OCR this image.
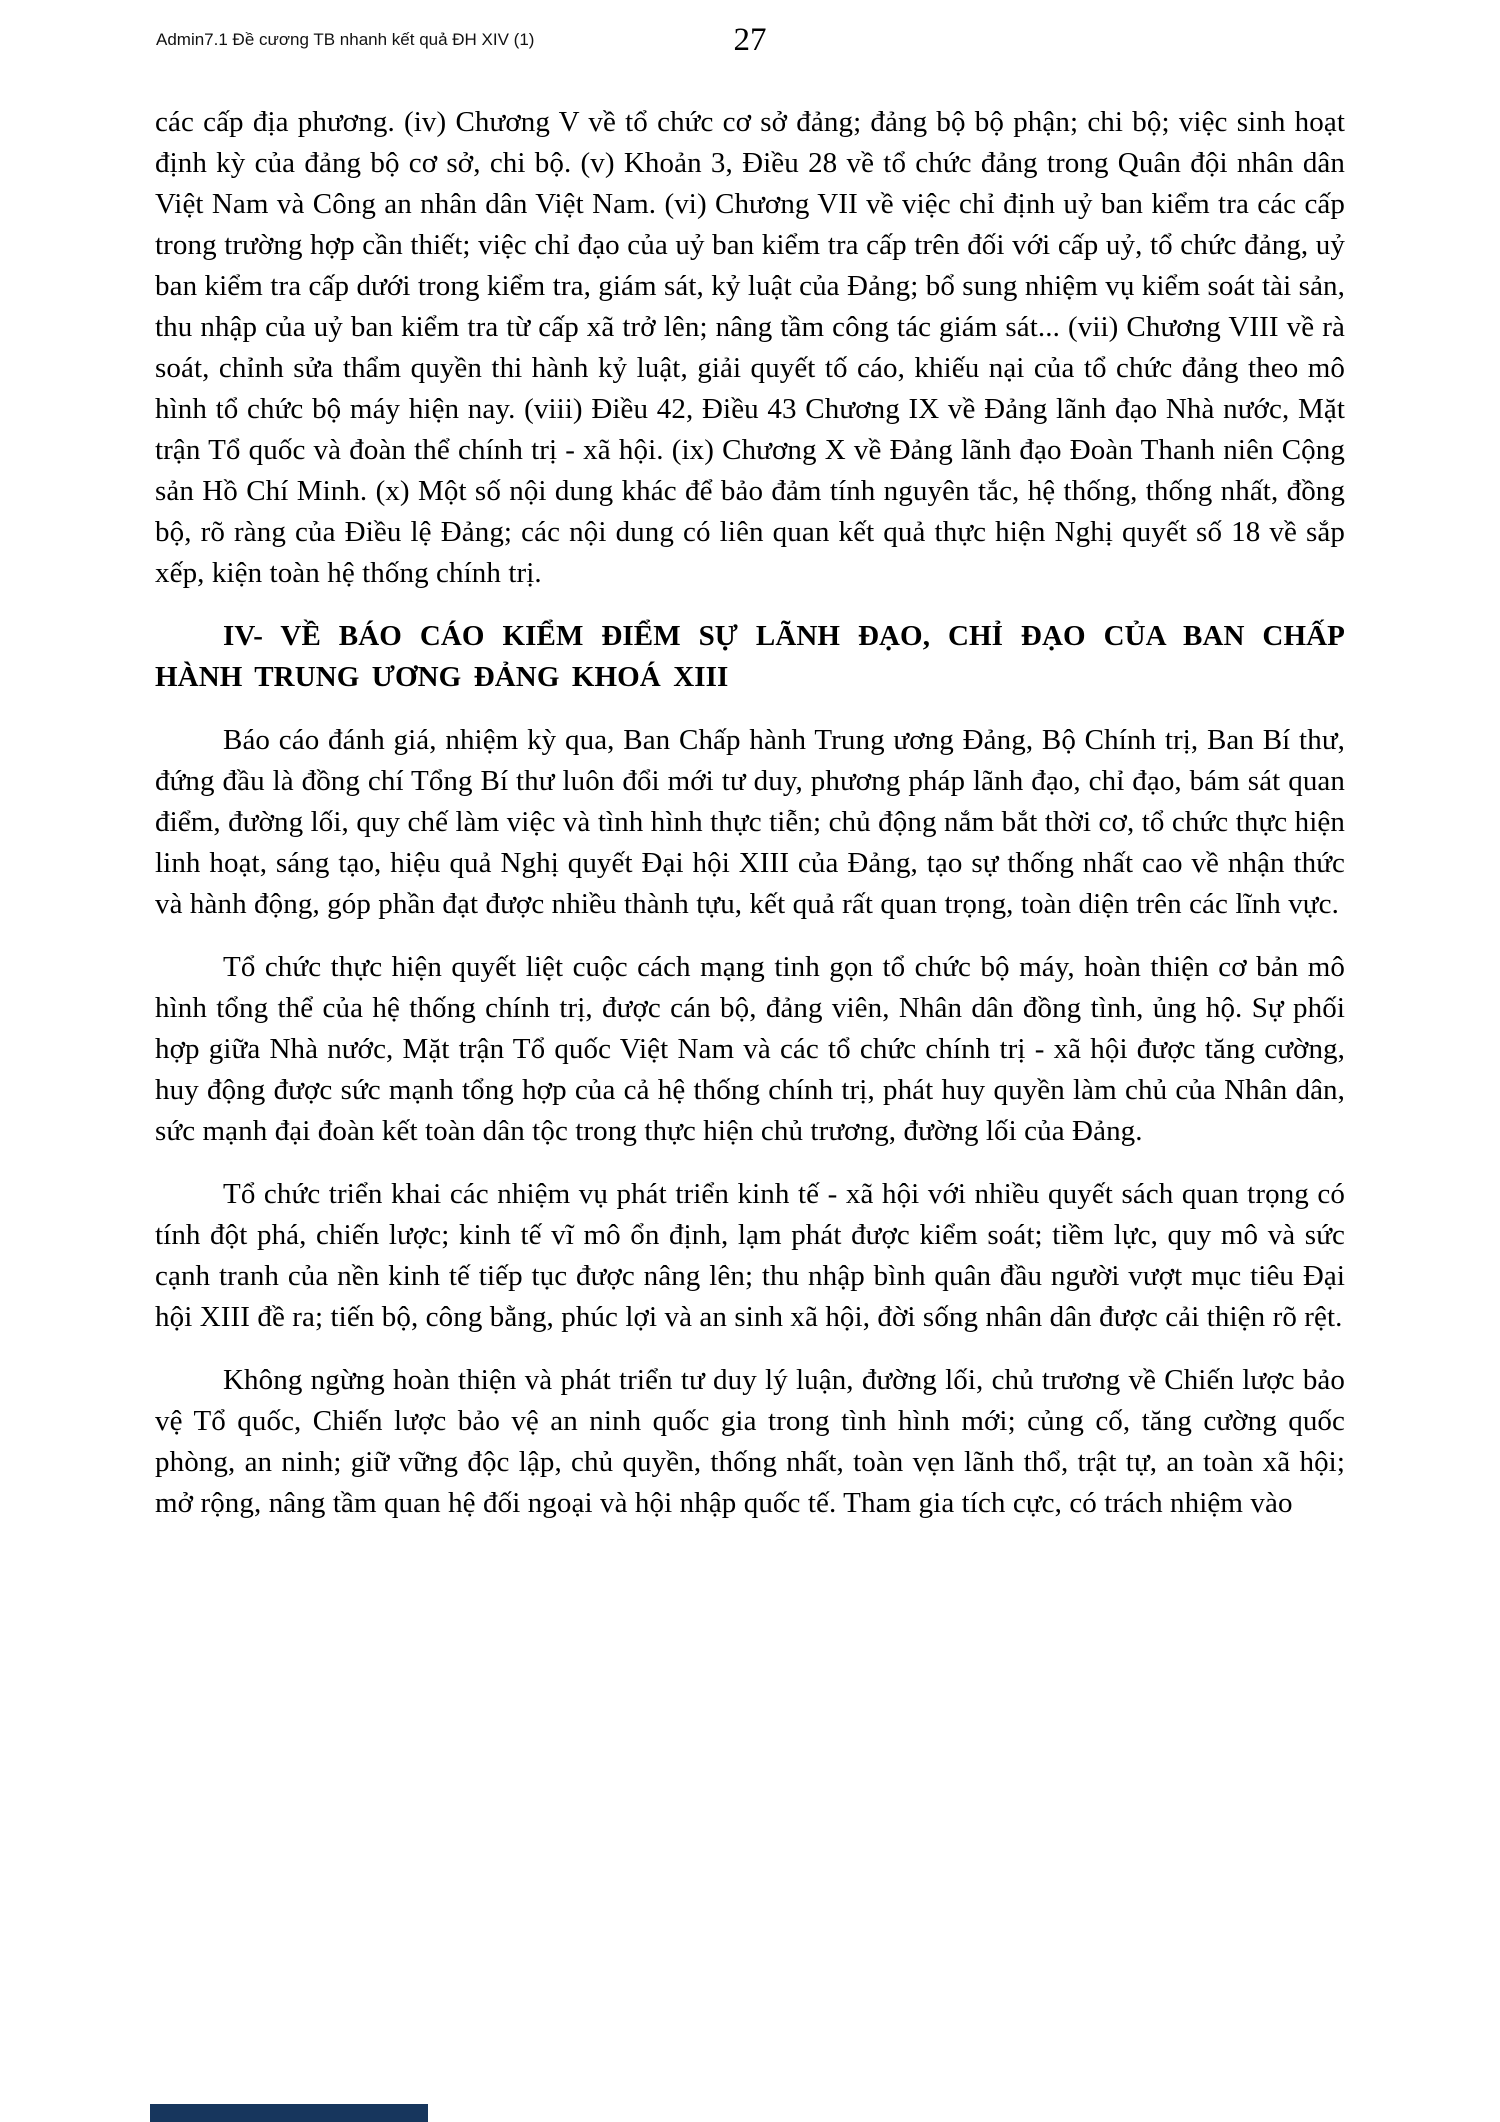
Admin7.1 Đề cương TB nhanh kết quả ĐH XIV (1)	27

các cấp địa phương. (iv) Chương V về tổ chức cơ sở đảng; đảng bộ bộ phận; chi bộ; việc sinh hoạt định kỳ của đảng bộ cơ sở, chi bộ. (v) Khoản 3, Điều 28 về tổ chức đảng trong Quân đội nhân dân Việt Nam và Công an nhân dân Việt Nam. (vi) Chương VII về việc chỉ định uỷ ban kiểm tra các cấp trong trường hợp cần thiết; việc chỉ đạo của uỷ ban kiểm tra cấp trên đối với cấp uỷ, tổ chức đảng, uỷ ban kiểm tra cấp dưới trong kiểm tra, giám sát, kỷ luật của Đảng; bổ sung nhiệm vụ kiểm soát tài sản, thu nhập của uỷ ban kiểm tra từ cấp xã trở lên; nâng tầm công tác giám sát... (vii) Chương VIII về rà soát, chỉnh sửa thẩm quyền thi hành kỷ luật, giải quyết tố cáo, khiếu nại của tổ chức đảng theo mô hình tổ chức bộ máy hiện nay. (viii) Điều 42, Điều 43 Chương IX về Đảng lãnh đạo Nhà nước, Mặt trận Tổ quốc và đoàn thể chính trị - xã hội. (ix) Chương X về Đảng lãnh đạo Đoàn Thanh niên Cộng sản Hồ Chí Minh. (x) Một số nội dung khác để bảo đảm tính nguyên tắc, hệ thống, thống nhất, đồng bộ, rõ ràng của Điều lệ Đảng; các nội dung có liên quan kết quả thực hiện Nghị quyết số 18 về sắp xếp, kiện toàn hệ thống chính trị.

IV- VỀ BÁO CÁO KIỂM ĐIỂM SỰ LÃNH ĐẠO, CHỈ ĐẠO CỦA BAN CHẤP HÀNH TRUNG ƯƠNG ĐẢNG KHOÁ XIII

Báo cáo đánh giá, nhiệm kỳ qua, Ban Chấp hành Trung ương Đảng, Bộ Chính trị, Ban Bí thư, đứng đầu là đồng chí Tổng Bí thư luôn đổi mới tư duy, phương pháp lãnh đạo, chỉ đạo, bám sát quan điểm, đường lối, quy chế làm việc và tình hình thực tiễn; chủ động nắm bắt thời cơ, tổ chức thực hiện linh hoạt, sáng tạo, hiệu quả Nghị quyết Đại hội XIII của Đảng, tạo sự thống nhất cao về nhận thức và hành động, góp phần đạt được nhiều thành tựu, kết quả rất quan trọng, toàn diện trên các lĩnh vực.

Tổ chức thực hiện quyết liệt cuộc cách mạng tinh gọn tổ chức bộ máy, hoàn thiện cơ bản mô hình tổng thể của hệ thống chính trị, được cán bộ, đảng viên, Nhân dân đồng tình, ủng hộ. Sự phối hợp giữa Nhà nước, Mặt trận Tổ quốc Việt Nam và các tổ chức chính trị - xã hội được tăng cường, huy động được sức mạnh tổng hợp của cả hệ thống chính trị, phát huy quyền làm chủ của Nhân dân, sức mạnh đại đoàn kết toàn dân tộc trong thực hiện chủ trương, đường lối của Đảng.

Tổ chức triển khai các nhiệm vụ phát triển kinh tế - xã hội với nhiều quyết sách quan trọng có tính đột phá, chiến lược; kinh tế vĩ mô ổn định, lạm phát được kiểm soát; tiềm lực, quy mô và sức cạnh tranh của nền kinh tế tiếp tục được nâng lên; thu nhập bình quân đầu người vượt mục tiêu Đại hội XIII đề ra; tiến bộ, công bằng, phúc lợi và an sinh xã hội, đời sống nhân dân được cải thiện rõ rệt.

Không ngừng hoàn thiện và phát triển tư duy lý luận, đường lối, chủ trương về Chiến lược bảo vệ Tổ quốc, Chiến lược bảo vệ an ninh quốc gia trong tình hình mới; củng cố, tăng cường quốc phòng, an ninh; giữ vững độc lập, chủ quyền, thống nhất, toàn vẹn lãnh thổ, trật tự, an toàn xã hội; mở rộng, nâng tầm quan hệ đối ngoại và hội nhập quốc tế. Tham gia tích cực, có trách nhiệm vào
